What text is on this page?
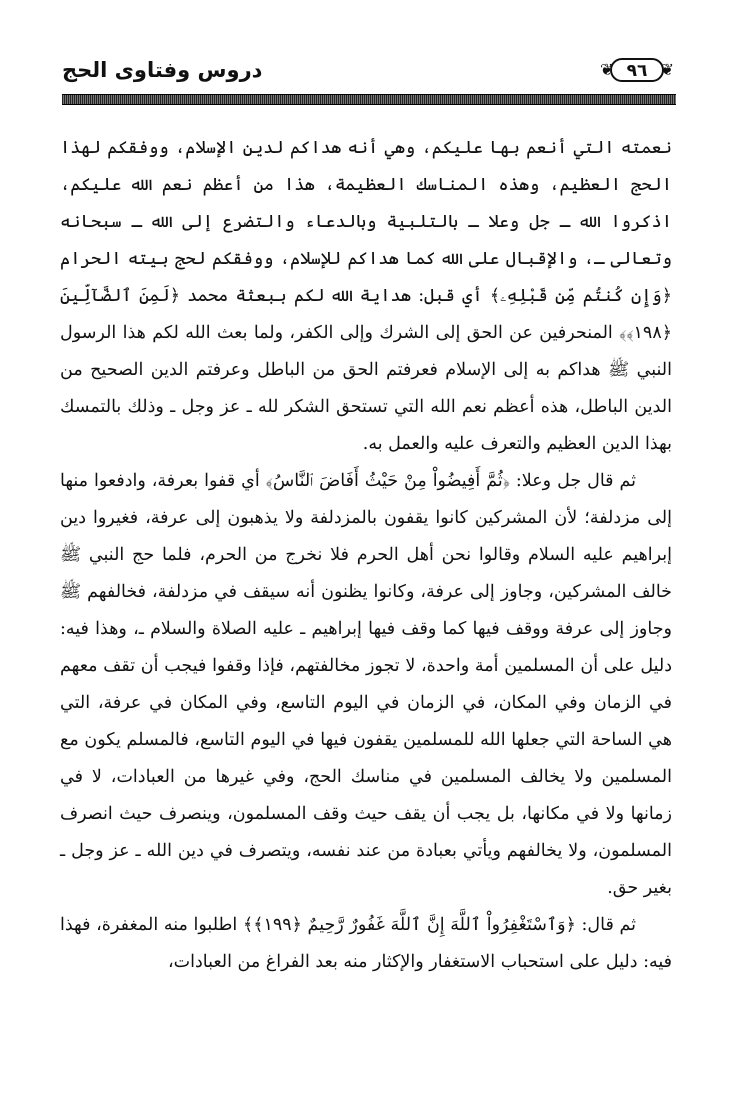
دروس وفتاوى الحج	❦ ٩٦ ❦

نعمته التي أنعم بها عليكم، وهي أنه هداكم لدين الإسلام، ووفقكم لهذا الحج العظيم، وهذه المناسك العظيمة، هذا من أعظم نعم الله عليكم، اذكروا الله ـ جل وعلا ـ بالتلبية وبالدعاء والتضرع إلى الله ـ سبحانه وتعالى ـ، والإقبال على الله كما هداكم للإسلام، ووفقكم لحج بيته الحرام ﴿وَإِن كُنتُم مِّن قَبْلِهِۦ﴾ أي قبل: هداية الله لكم ببعثة محمد ﴿لَمِنَ ٱلضَّآلِّينَ ﴿١٩٨﴾﴾ المنحرفين عن الحق إلى الشرك وإلى الكفر، ولما بعث الله لكم هذا الرسول النبي ﷺ هداكم به إلى الإسلام فعرفتم الحق من الباطل وعرفتم الدين الصحيح من الدين الباطل، هذه أعظم نعم الله التي تستحق الشكر لله ـ عز وجل ـ وذلك بالتمسك بهذا الدين العظيم والتعرف عليه والعمل به.

ثم قال جل وعلا: ﴿ثُمَّ أَفِيضُواْ مِنْ حَيْثُ أَفَاضَ ٱلنَّاسُ﴾ أي قفوا بعرفة، وادفعوا منها إلى مزدلفة؛ لأن المشركين كانوا يقفون بالمزدلفة ولا يذهبون إلى عرفة، فغيروا دين إبراهيم عليه السلام وقالوا نحن أهل الحرم فلا نخرج من الحرم، فلما حج النبي ﷺ خالف المشركين، وجاوز إلى عرفة، وكانوا يظنون أنه سيقف في مزدلفة، فخالفهم ﷺ وجاوز إلى عرفة ووقف فيها كما وقف فيها إبراهيم ـ عليه الصلاة والسلام ـ، وهذا فيه: دليل على أن المسلمين أمة واحدة، لا تجوز مخالفتهم، فإذا وقفوا فيجب أن تقف معهم في الزمان وفي المكان، في الزمان في اليوم التاسع، وفي المكان في عرفة، التي هي الساحة التي جعلها الله للمسلمين يقفون فيها في اليوم التاسع، فالمسلم يكون مع المسلمين ولا يخالف المسلمين في مناسك الحج، وفي غيرها من العبادات، لا في زمانها ولا في مكانها، بل يجب أن يقف حيث وقف المسلمون، وينصرف حيث انصرف المسلمون، ولا يخالفهم ويأتي بعبادة من عند نفسه، ويتصرف في دين الله ـ عز وجل ـ بغير حق.

ثم قال: ﴿وَٱسْتَغْفِرُواْ ٱللَّهَ إِنَّ ٱللَّهَ غَفُورٌ رَّحِيمٌ ﴿١٩٩﴾﴾ اطلبوا منه المغفرة، فهذا فيه: دليل على استحباب الاستغفار والإكثار منه بعد الفراغ من العبادات،
